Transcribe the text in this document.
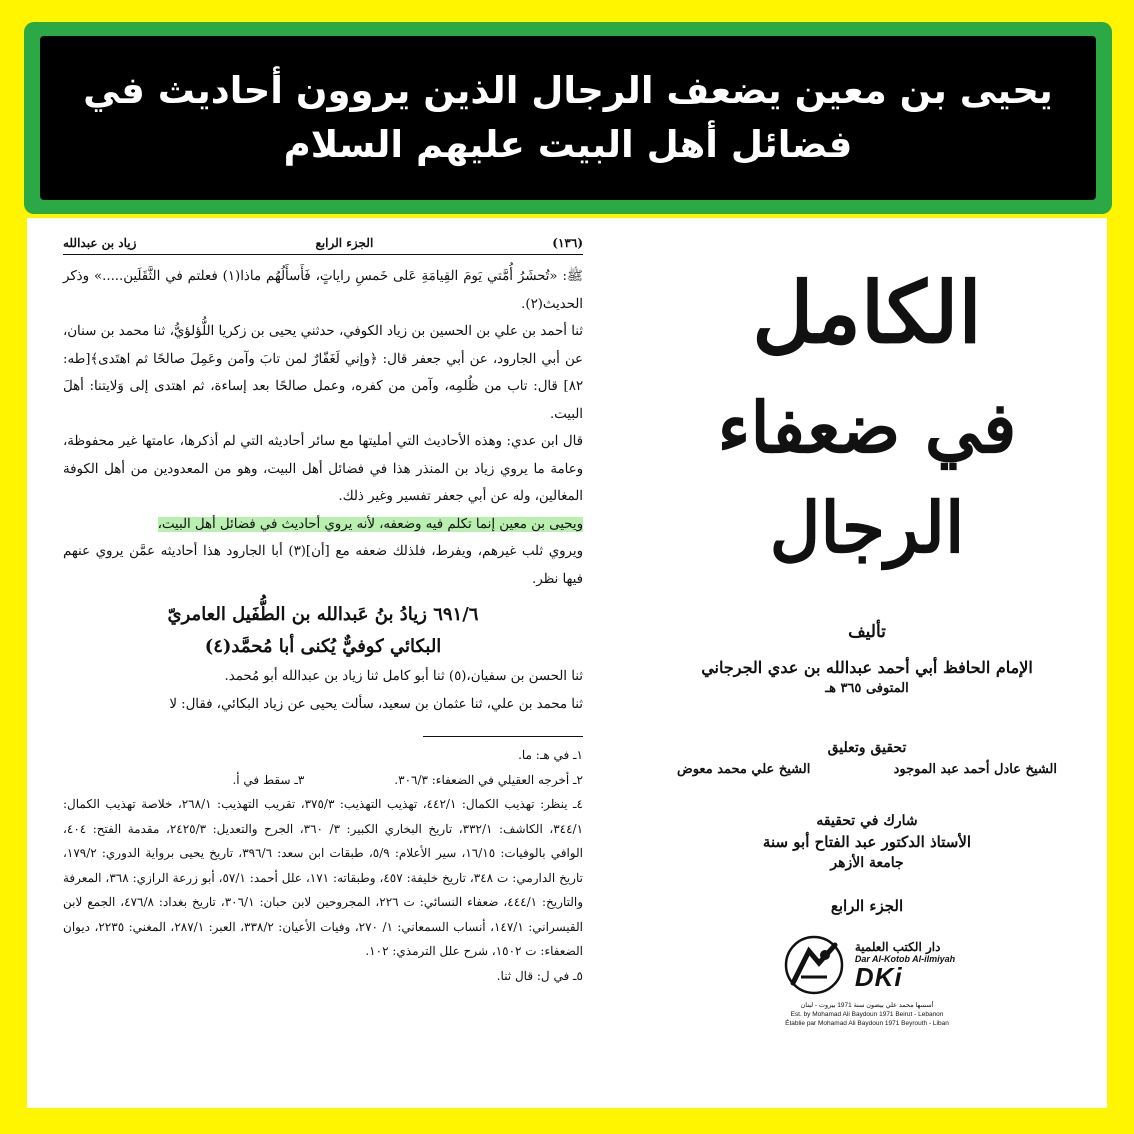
يحيى بن معين يضعف الرجال الذين يروون أحاديث في فضائل أهل البيت عليهم السلام
(١٣٦)
الجزء الرابع
زياد بن عبدالله

ﷺ: «تُحشَرُ أُمَّتي يَومَ القِيامَةِ عَلى خَمسِ راياتٍ، فَأَسأَلُهُم ماذا(١) فعلتم في الثَّقَلَين.....» وذكر الحديث(٢).

ثنا أحمد بن علي بن الحسين بن زياد الكوفي، حدثني يحيى بن زكريا اللُّؤلؤيُّ، ثنا محمد بن سنان، عن أبي الجارود، عن أبي جعفر قال: ﴿وإني لَغَفّارٌ لمن تابَ وآمن وعَمِلَ صالحًا ثم اهتَدى﴾[طه: ٨٢] قال: تاب من ظُلمِه، وآمن من كفره، وعمل صالحًا بعد إساءة، ثم اهتدى إلى وَلايتنا: أهلَ البيت.

قال ابن عدي: وهذه الأحاديث التي أمليتها مع سائر أحاديثه التي لم أذكرها، عامتها غير محفوظة، وعامة ما يروي زياد بن المنذر هذا في فضائل أهل البيت، وهو من المعدودين من أهل الكوفة المغالين، وله عن أبي جعفر تفسير وغير ذلك.
ويحيى بن معين إنما تكلم فيه وضعفه، لأنه يروي أحاديث في فضائل أهل البيت،
ويروي ثلب غيرهم، ويفرط، فلذلك ضعفه مع [أن](٣) أبا الجارود هذا أحاديثه عمَّن يروي عنهم فيها نظر.

٦٩١/٦ زيادُ بنُ عَبدالله بن الطُّفَيل العامريّ
البكائي كوفيٌّ يُكنى أبا مُحمَّد(٤)

ثنا الحسن بن سفيان،(٥) ثنا أبو كامل ثنا زياد بن عبدالله أبو مُحمد.

ثنا محمد بن علي، ثنا عثمان بن سعيد، سألت يحيى عن زياد البكائي، فقال: لا

١ـ في هـ: ما.

٢ـ أخرجه العقيلي في الضعفاء: ٣٠٦/٣.
٣ـ سقط في أ.

٤ـ ينظر: تهذيب الكمال: ٤٤٢/١، تهذيب التهذيب: ٣٧٥/٣، تقريب التهذيب: ٢٦٨/١، خلاصة تهذيب الكمال: ٣٤٤/١، الكاشف: ٣٣٢/١، تاريخ البخاري الكبير: ٣/ ٣٦٠، الجرح والتعديل: ٢٤٢٥/٣، مقدمة الفتح: ٤٠٤، الوافي بالوفيات: ١٦/١٥، سير الأعلام: ٥/٩، طبقات ابن سعد: ٣٩٦/٦، تاريخ يحيى برواية الدوري: ١٧٩/٢، تاريخ الدارمي: ت ٣٤٨، تاريخ خليفة: ٤٥٧، وطبقاته: ١٧١، علل أحمد: ٥٧/١، أبو زرعة الرازي: ٣٦٨، المعرفة والتاريخ: ٤٤٤/١، ضعفاء النسائي: ت ٢٢٦، المجروحين لابن حبان: ٣٠٦/١، تاريخ بغداد: ٤٧٦/٨، الجمع لابن القيسراني: ١٤٧/١، أنساب السمعاني: ١/ ٢٧٠، وفيات الأعيان: ٣٣٨/٢، العبر: ٢٨٧/١، المغني: ٢٢٣٥، ديوان الضعفاء: ت ١٥٠٢، شرح علل الترمذي: ١٠٢.

٥ـ في ل: قال ثنا.

الكامل
في ضعفاء الرجال
تأليف
الإمام الحافظ أبي أحمد عبدالله بن عدي الجرجاني
المتوفى ٣٦٥ هـ
تحقيق وتعليق
الشيخ عادل أحمد عبد الموجود
الشيخ علي محمد معوض
شارك في تحقيقه
الأستاذ الدكتور عبد الفتاح أبو سنة
جامعة الأزهر
الجزء الرابع
دار الكتب العلمية
Dar Al-Kotob Al-ilmiyah
DKi
أسسها محمد علي بيضون سنة 1971 بيروت - لبنان
Est. by Mohamad Ali Baydoun 1971 Beirut - Lebanon
Établie par Mohamad Ali Baydoun 1971 Beyrouth - Liban
